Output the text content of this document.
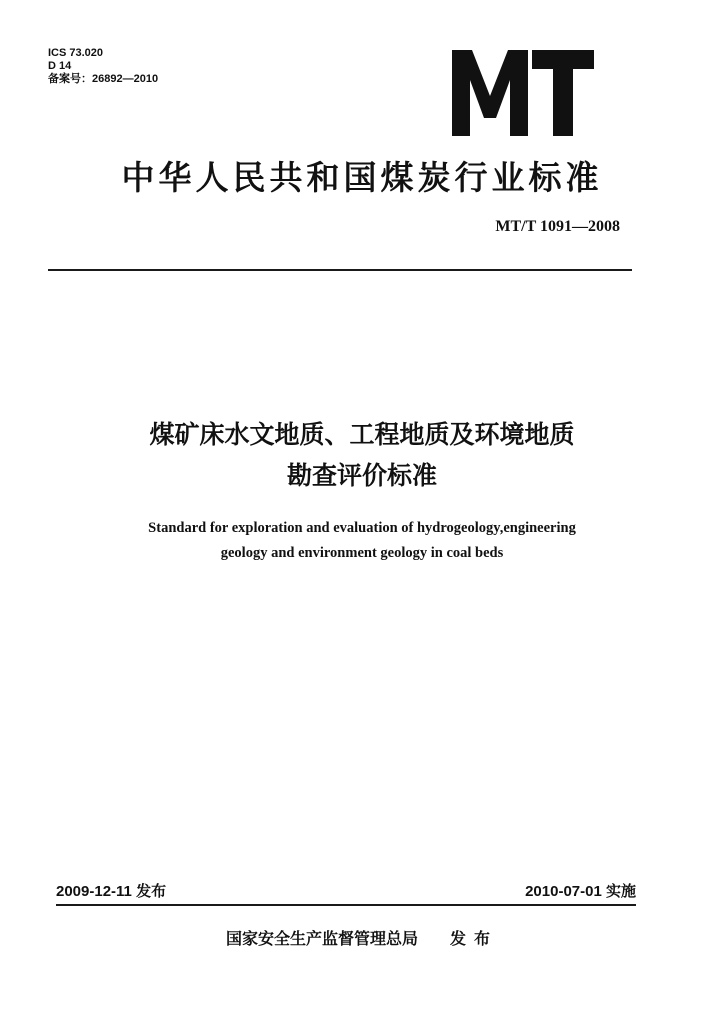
ICS 73.020
D 14
备案号：26892—2010
中华人民共和国煤炭行业标准
MT/T 1091—2008
煤矿床水文地质、工程地质及环境地质
勘查评价标准
Standard for exploration and evaluation of hydrogeology,engineering
geology and environment geology in coal beds
2009-12-11 发布	2010-07-01 实施
国家安全生产监督管理总局 发布
